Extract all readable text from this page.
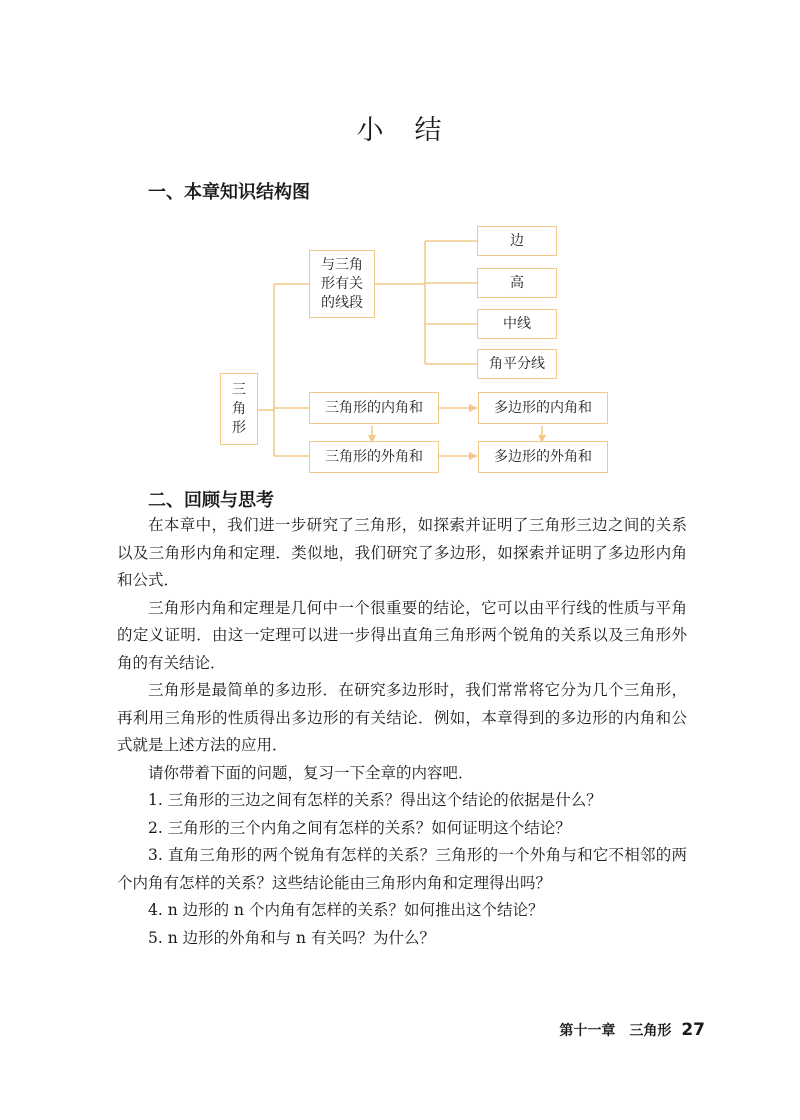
小　结
一、本章知识结构图
三
角
形
与三角形有关的线段
边
高
中线
角平分线
三角形的内角和
三角形的外角和
多边形的内角和
多边形的外角和
二、回顾与思考

在本章中，我们进一步研究了三角形，如探索并证明了三角形三边之间的关系以及三角形内角和定理．类似地，我们研究了多边形，如探索并证明了多边形内角和公式．

三角形内角和定理是几何中一个很重要的结论，它可以由平行线的性质与平角的定义证明．由这一定理可以进一步得出直角三角形两个锐角的关系以及三角形外角的有关结论．

三角形是最简单的多边形．在研究多边形时，我们常常将它分为几个三角形，再利用三角形的性质得出多边形的有关结论．例如，本章得到的多边形的内角和公式就是上述方法的应用．

请你带着下面的问题，复习一下全章的内容吧．

1. 三角形的三边之间有怎样的关系？得出这个结论的依据是什么？

2. 三角形的三个内角之间有怎样的关系？如何证明这个结论？

3. 直角三角形的两个锐角有怎样的关系？三角形的一个外角与和它不相邻的两个内角有怎样的关系？这些结论能由三角形内角和定理得出吗？

4. n 边形的 n 个内角有怎样的关系？如何推出这个结论？

5. n 边形的外角和与 n 有关吗？为什么？

第十一章　三角形 27
